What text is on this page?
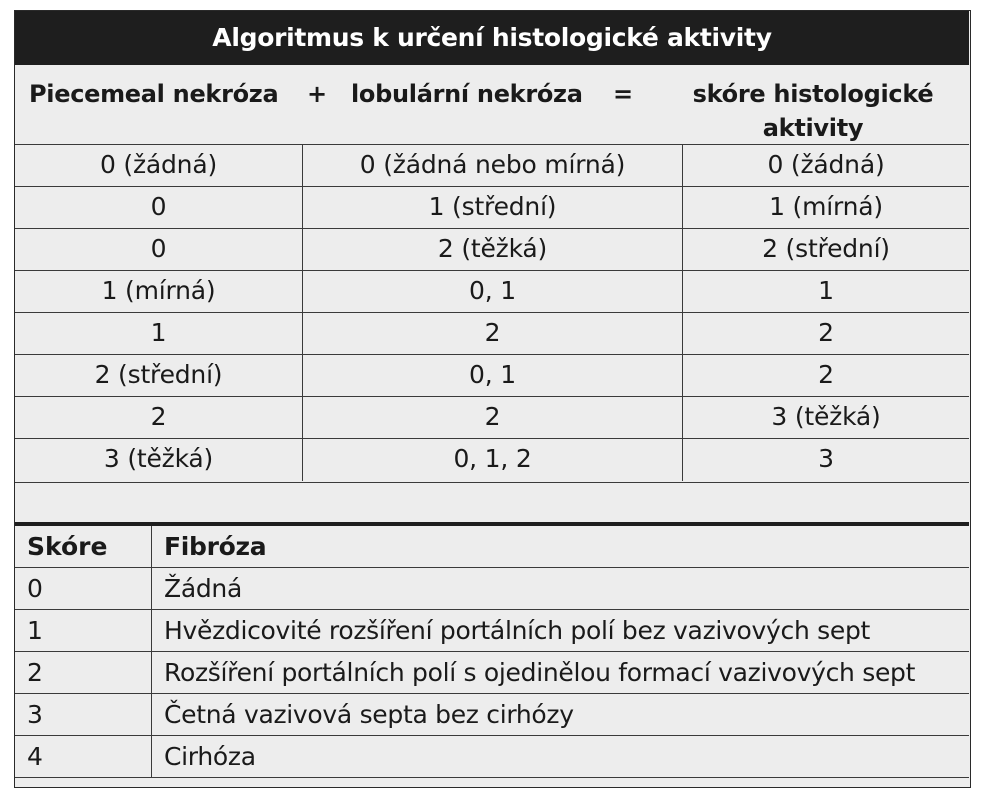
Algoritmus k určení histologické aktivity
Piecemeal nekróza + lobulární nekróza =	skóre histologické
aktivity
0 (žádná)	0 (žádná nebo mírná)	0 (žádná)
0	1 (střední)	1 (mírná)
0	2 (těžká)	2 (střední)
1 (mírná)	0, 1	1
1	2	2
2 (střední)	0, 1	2
2	2	3 (těžká)
3 (těžká)	0, 1, 2	3
Skóre	Fibróza
0	Žádná
1	Hvězdicovité rozšíření portálních polí bez vazivových sept
2	Rozšíření portálních polí s ojedinělou formací vazivových sept
3	Četná vazivová septa bez cirhózy
4	Cirhóza
